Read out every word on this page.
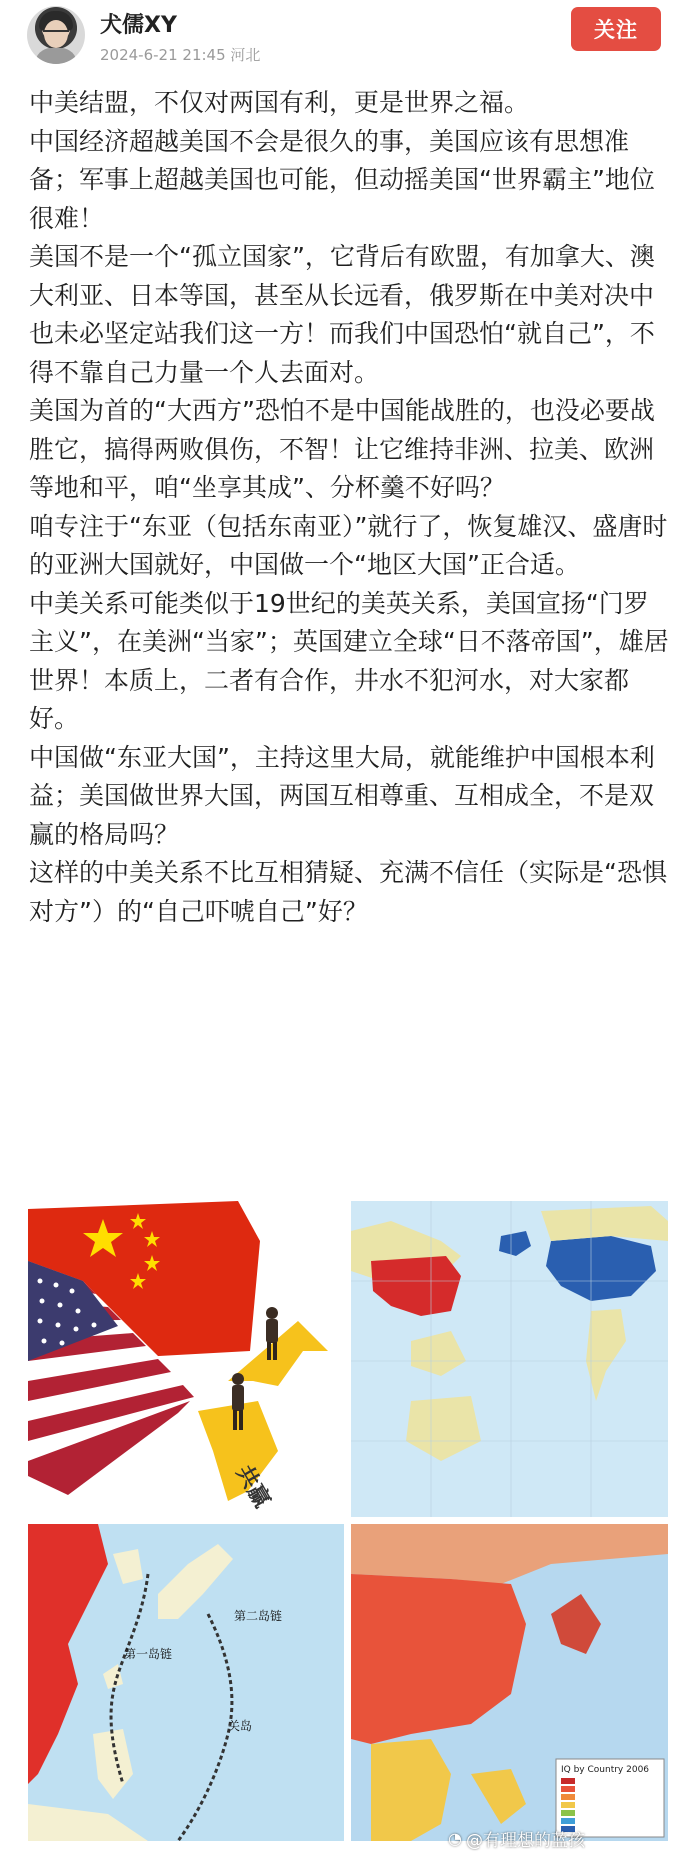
犬儒XY
2024-6-21 21:45 河北
关注

中美结盟，不仅对两国有利，更是世界之福。

中国经济超越美国不会是很久的事，美国应该有思想准备；军事上超越美国也可能，但动摇美国“世界霸主”地位很难！

美国不是一个“孤立国家”，它背后有欧盟，有加拿大、澳大利亚、日本等国，甚至从长远看，俄罗斯在中美对决中也未必坚定站我们这一方！而我们中国恐怕“就自己”，不得不靠自己力量一个人去面对。

美国为首的“大西方”恐怕不是中国能战胜的，也没必要战胜它，搞得两败俱伤，不智！让它维持非洲、拉美、欧洲等地和平，咱“坐享其成”、分杯羹不好吗？

咱专注于“东亚（包括东南亚）”就行了，恢复雄汉、盛唐时的亚洲大国就好，中国做一个“地区大国”正合适。

中美关系可能类似于19世纪的美英关系，美国宣扬“门罗主义”，在美洲“当家”；英国建立全球“日不落帝国”，雄居世界！本质上，二者有合作，井水不犯河水，对大家都好。

中国做“东亚大国”，主持这里大局，就能维护中国根本利益；美国做世界大国，两国互相尊重、互相成全，不是双赢的格局吗？

这样的中美关系不比互相猜疑、充满不信任（实际是“恐惧对方”）的“自己吓唬自己”好？

共赢
第一岛链
第二岛链
关岛
IQ by Country 2006
◔ @有理想的蓝孩
